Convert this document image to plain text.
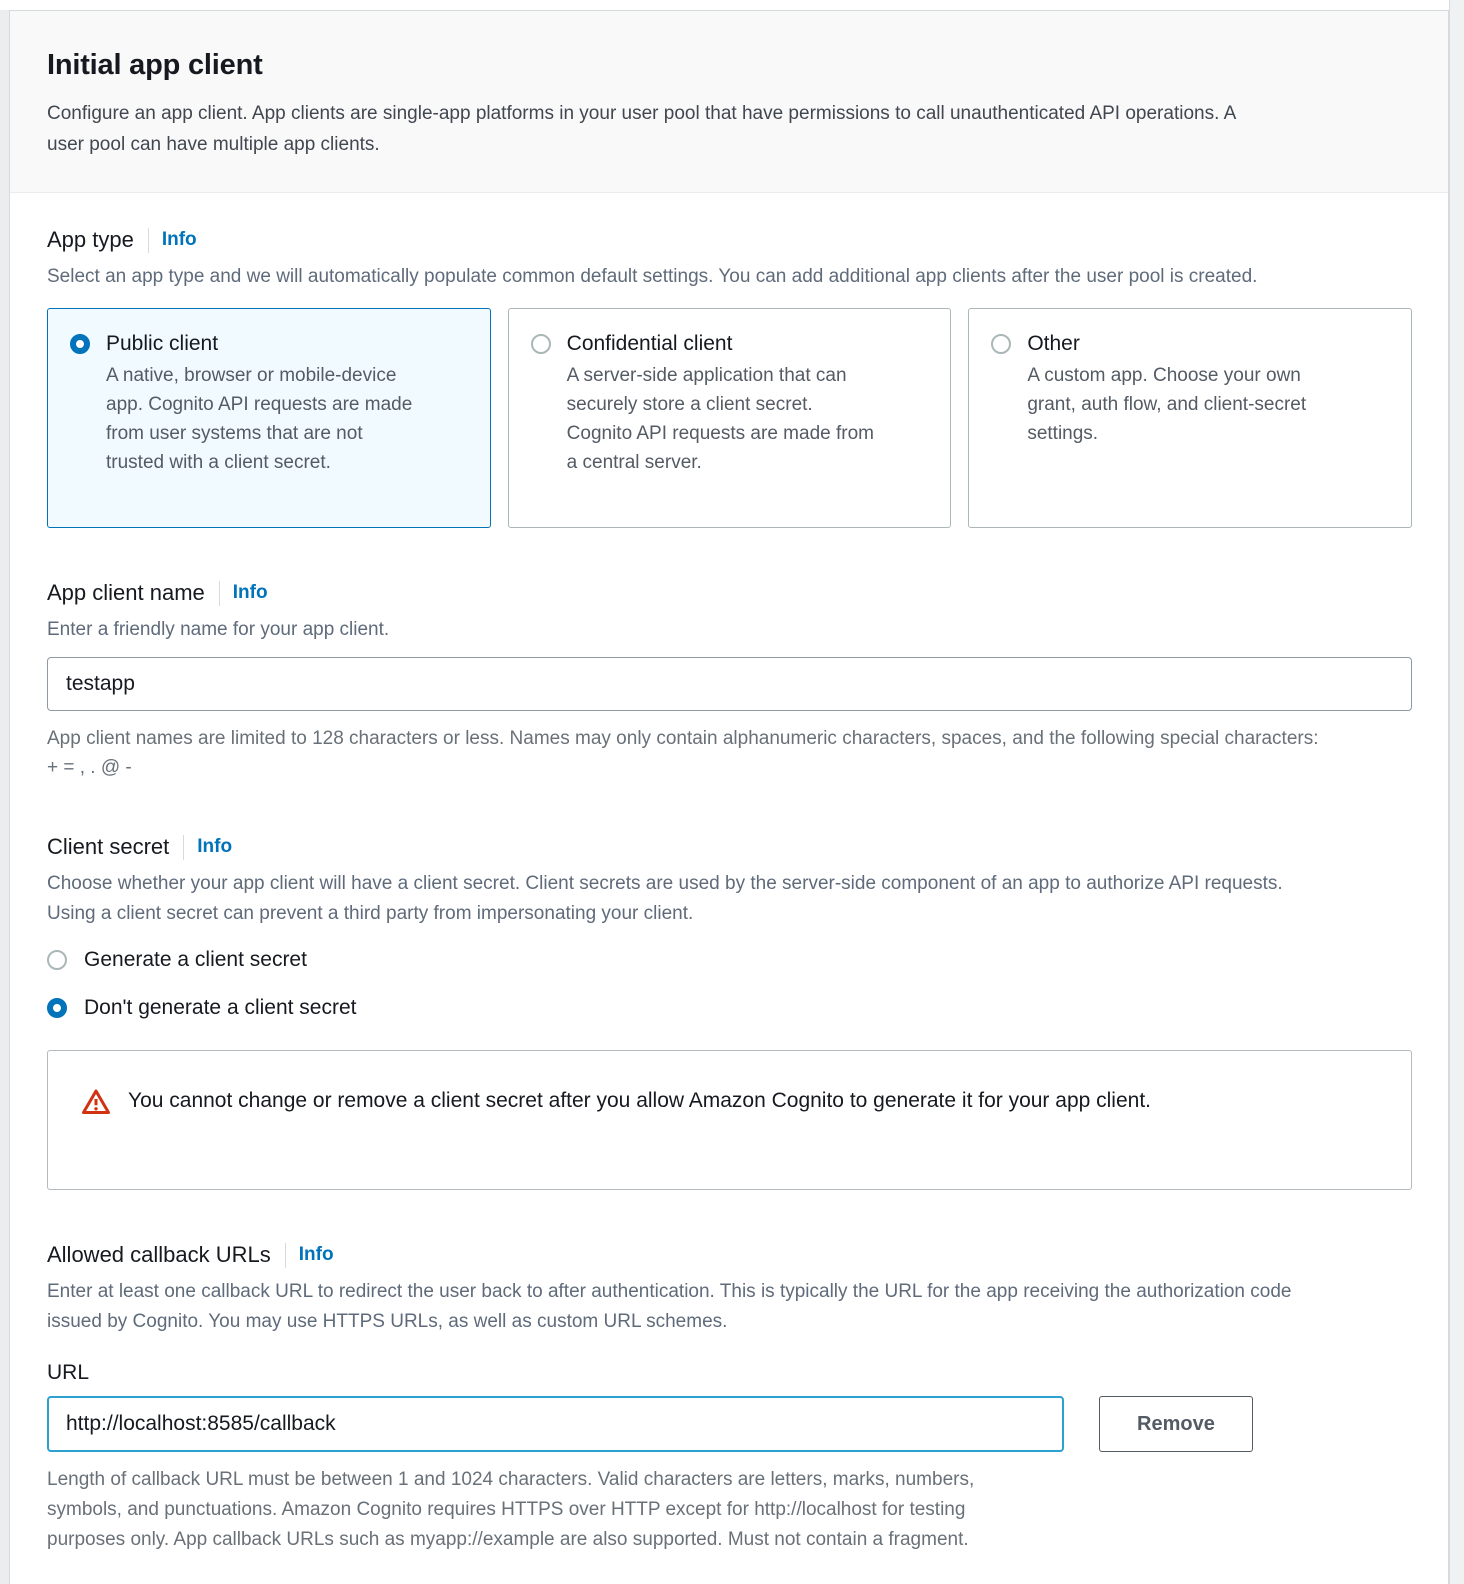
Initial app client
Configure an app client. App clients are single-app platforms in your user pool that have permissions to call unauthenticated API operations. A user pool can have multiple app clients.
App type Info
Select an app type and we will automatically populate common default settings. You can add additional app clients after the user pool is created.
Public client
A native, browser or mobile-device app. Cognito API requests are made from user systems that are not trusted with a client secret.
Confidential client
A server-side application that can securely store a client secret. Cognito API requests are made from a central server.
Other
A custom app. Choose your own grant, auth flow, and client-secret settings.
App client name Info
Enter a friendly name for your app client.
testapp
App client names are limited to 128 characters or less. Names may only contain alphanumeric characters, spaces, and the following special characters: + = , . @ -
Client secret Info
Choose whether your app client will have a client secret. Client secrets are used by the server-side component of an app to authorize API requests. Using a client secret can prevent a third party from impersonating your client.
Generate a client secret
Don't generate a client secret
You cannot change or remove a client secret after you allow Amazon Cognito to generate it for your app client.
Allowed callback URLs Info
Enter at least one callback URL to redirect the user back to after authentication. This is typically the URL for the app receiving the authorization code issued by Cognito. You may use HTTPS URLs, as well as custom URL schemes.
URL
http://localhost:8585/callback
Remove
Length of callback URL must be between 1 and 1024 characters. Valid characters are letters, marks, numbers, symbols, and punctuations. Amazon Cognito requires HTTPS over HTTP except for http://localhost for testing purposes only. App callback URLs such as myapp://example are also supported. Must not contain a fragment.
